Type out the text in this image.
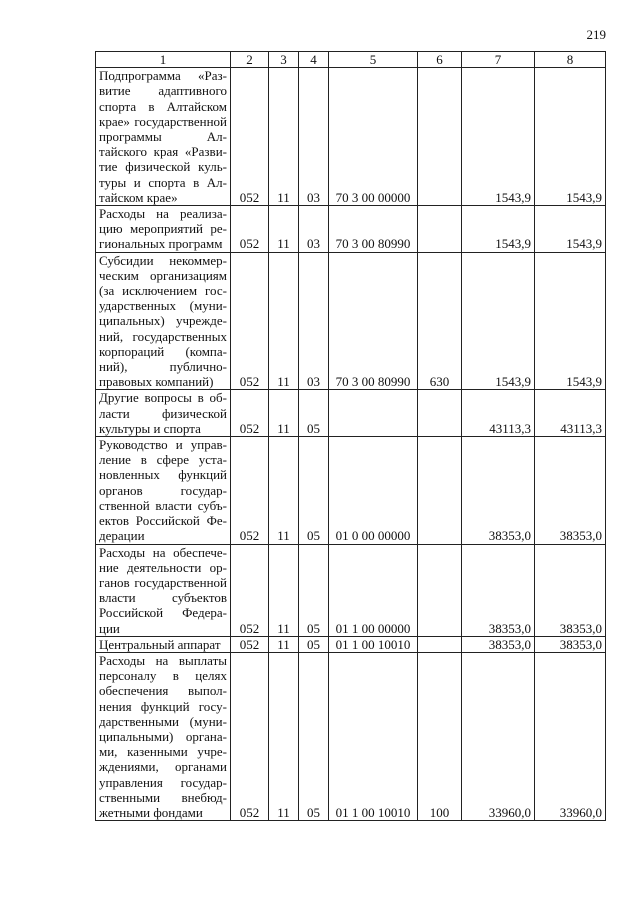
219
1	2	3	4	5	6	7	8
Подпрограмма «Развитие адаптивного спорта в Алтайском крае» государственной программы Алтайского края «Развитие физической культуры и спорта в Алтайском крае»	052	11	03	70 3 00 00000		1543,9	1543,9
Расходы на реализацию мероприятий региональных программ	052	11	03	70 3 00 80990		1543,9	1543,9
Субсидии некоммерческим организациям (за исключением государственных (муниципальных) учреждений, государственных корпораций (компаний), публично-правовых компаний)	052	11	03	70 3 00 80990	630	1543,9	1543,9
Другие вопросы в области физической культуры и спорта	052	11	05			43113,3	43113,3
Руководство и управление в сфере установленных функций органов государственной власти субъектов Российской Федерации	052	11	05	01 0 00 00000		38353,0	38353,0
Расходы на обеспечение деятельности органов государственной власти субъектов Российской Федерации	052	11	05	01 1 00 00000		38353,0	38353,0
Центральный аппарат	052	11	05	01 1 00 10010		38353,0	38353,0
Расходы на выплаты персоналу в целях обеспечения выполнения функций государственными (муниципальными) органами, казенными учреждениями, органами управления государственными внебюджетными фондами	052	11	05	01 1 00 10010	100	33960,0	33960,0
